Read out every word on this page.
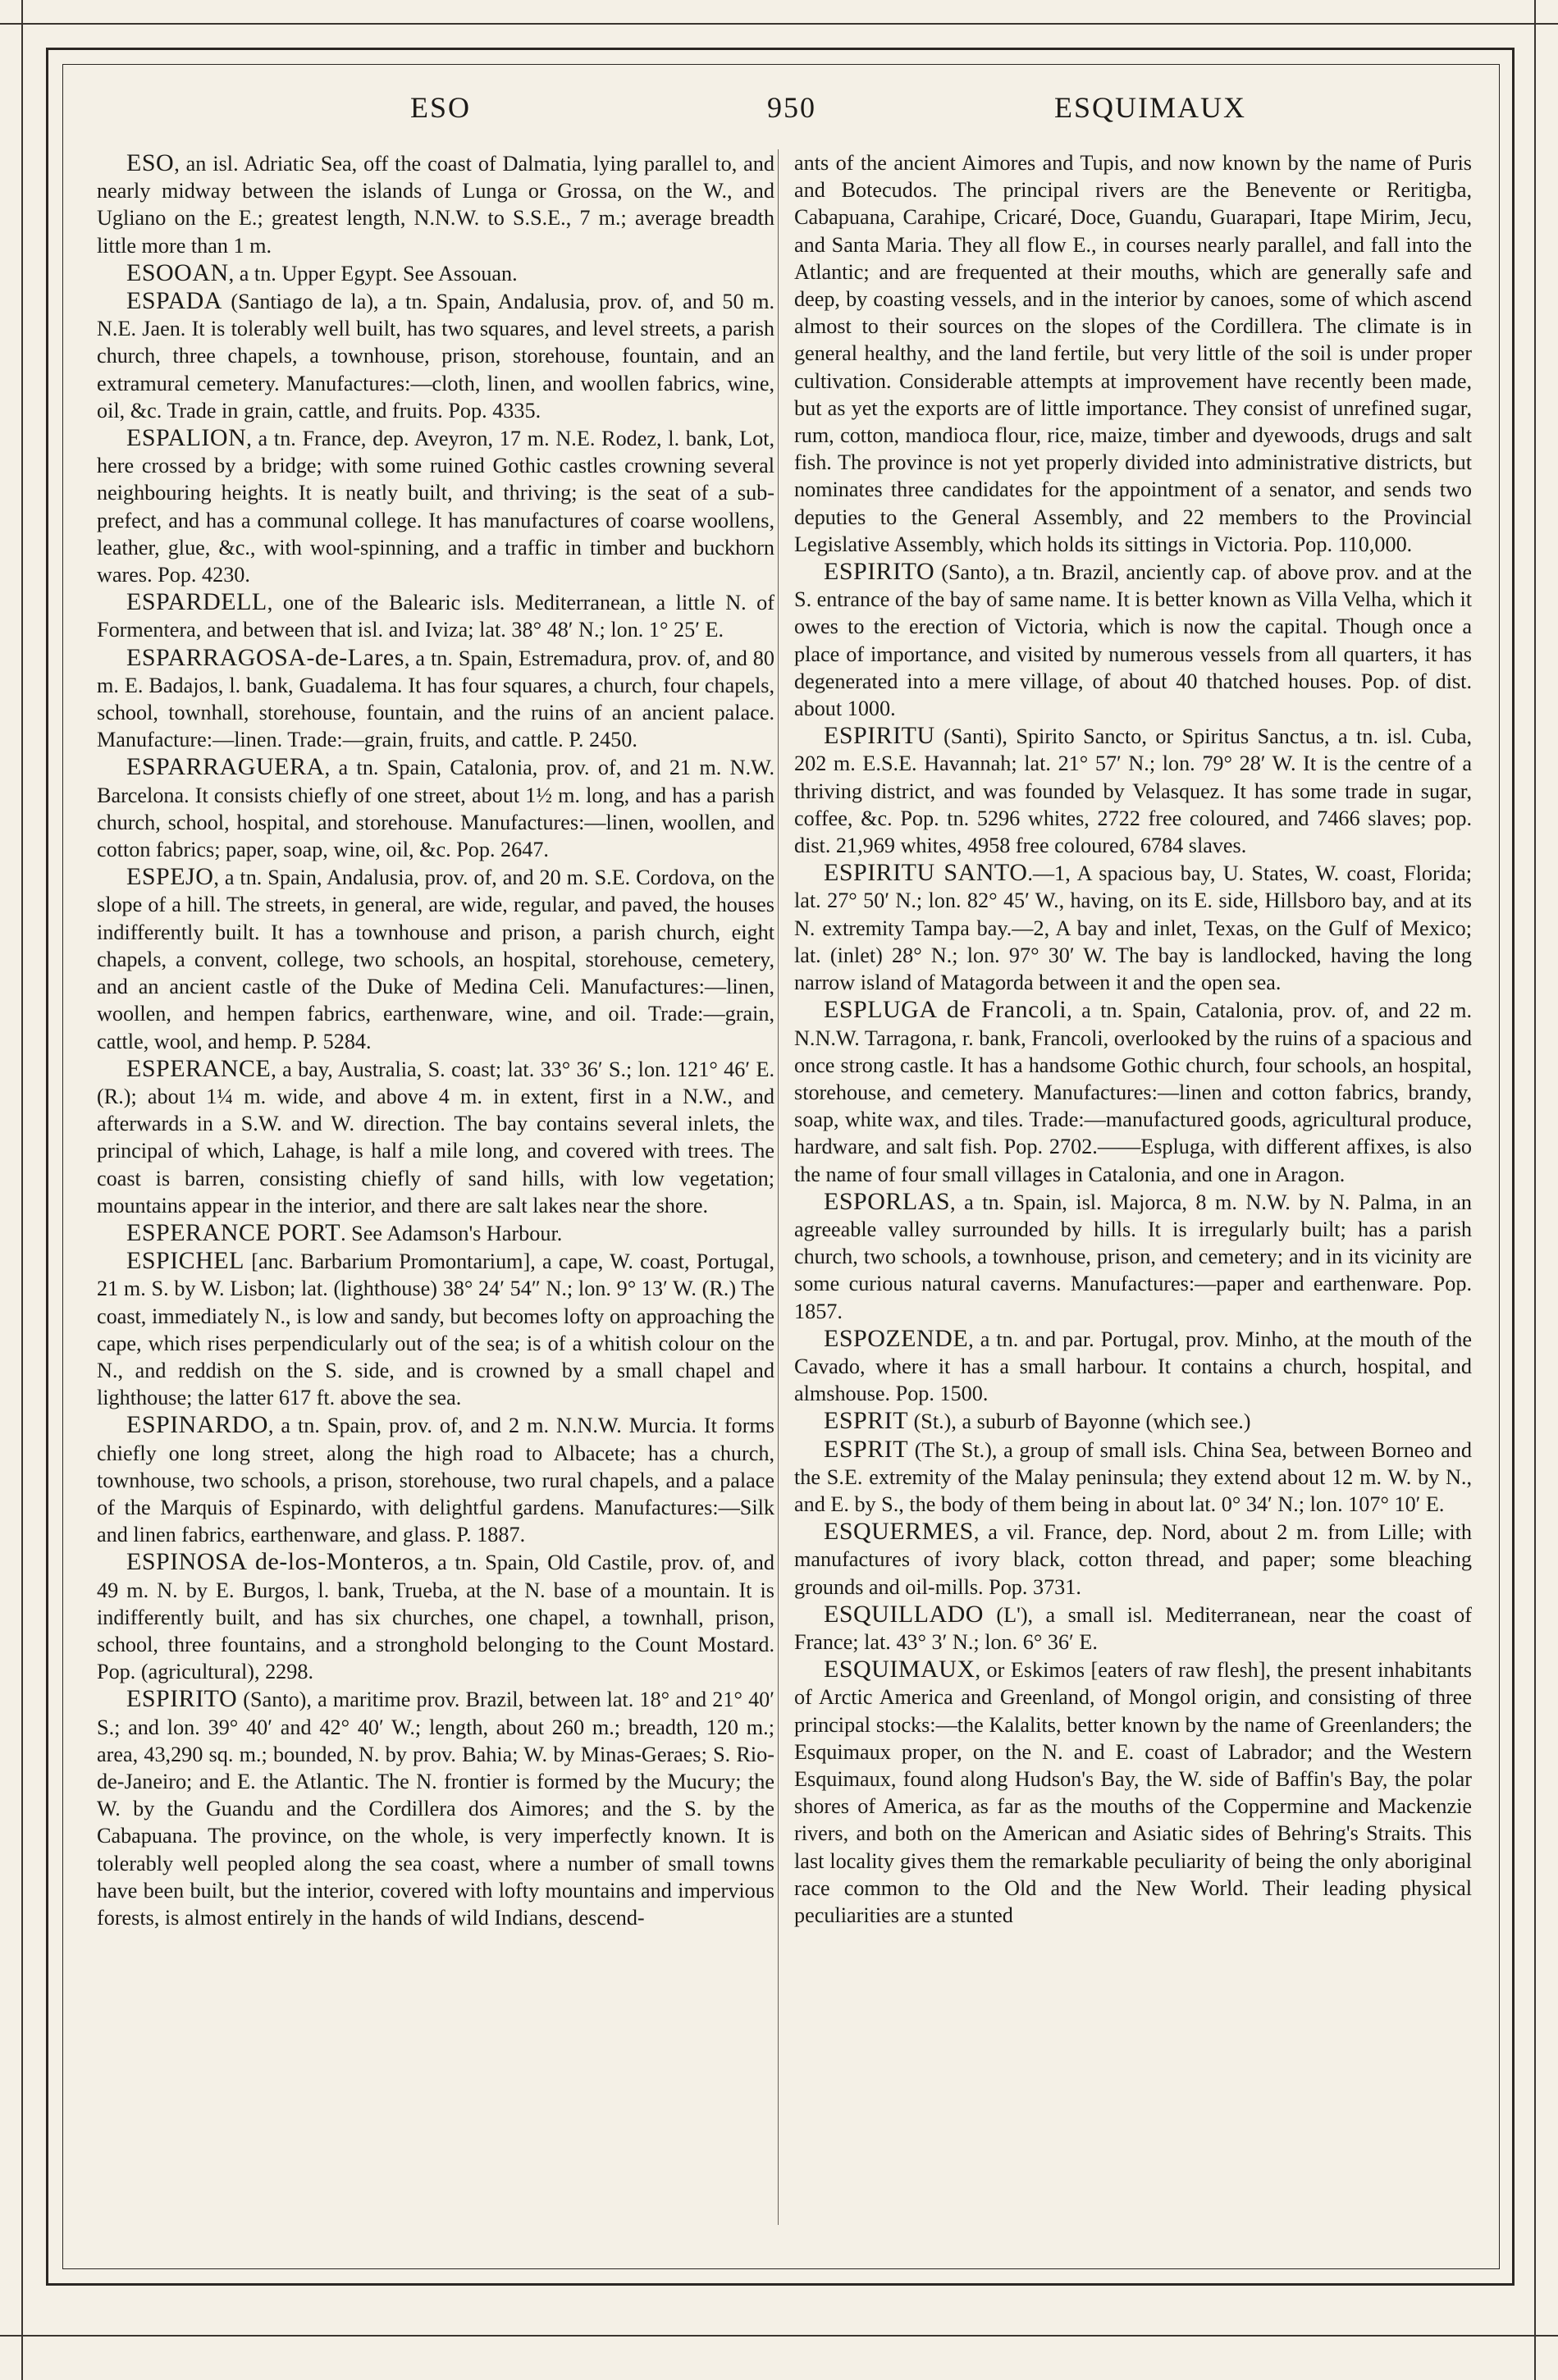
ESO	950	ESQUIMAUX

ESO, an isl. Adriatic Sea, off the coast of Dalmatia, lying parallel to, and nearly midway between the islands of Lunga or Grossa, on the W., and Ugliano on the E.; greatest length, N.N.W. to S.S.E., 7 m.; average breadth little more than 1 m.

ESOOAN, a tn. Upper Egypt. See Assouan.

ESPADA (Santiago de la), a tn. Spain, Andalusia, prov. of, and 50 m. N.E. Jaen. It is tolerably well built, has two squares, and level streets, a parish church, three chapels, a townhouse, prison, storehouse, fountain, and an extramural cemetery. Manufactures:—cloth, linen, and woollen fabrics, wine, oil, &c. Trade in grain, cattle, and fruits. Pop. 4335.

ESPALION, a tn. France, dep. Aveyron, 17 m. N.E. Rodez, l. bank, Lot, here crossed by a bridge; with some ruined Gothic castles crowning several neighbouring heights. It is neatly built, and thriving; is the seat of a sub-prefect, and has a communal college. It has manufactures of coarse woollens, leather, glue, &c., with wool-spinning, and a traffic in timber and buckhorn wares. Pop. 4230.

ESPARDELL, one of the Balearic isls. Mediterranean, a little N. of Formentera, and between that isl. and Iviza; lat. 38° 48′ N.; lon. 1° 25′ E.

ESPARRAGOSA-de-Lares, a tn. Spain, Estremadura, prov. of, and 80 m. E. Badajos, l. bank, Guadalema. It has four squares, a church, four chapels, school, townhall, storehouse, fountain, and the ruins of an ancient palace. Manufacture:—linen. Trade:—grain, fruits, and cattle. P. 2450.

ESPARRAGUERA, a tn. Spain, Catalonia, prov. of, and 21 m. N.W. Barcelona. It consists chiefly of one street, about 1½ m. long, and has a parish church, school, hospital, and storehouse. Manufactures:—linen, woollen, and cotton fabrics; paper, soap, wine, oil, &c. Pop. 2647.

ESPEJO, a tn. Spain, Andalusia, prov. of, and 20 m. S.E. Cordova, on the slope of a hill. The streets, in general, are wide, regular, and paved, the houses indifferently built. It has a townhouse and prison, a parish church, eight chapels, a convent, college, two schools, an hospital, storehouse, cemetery, and an ancient castle of the Duke of Medina Celi. Manufactures:—linen, woollen, and hempen fabrics, earthenware, wine, and oil. Trade:—grain, cattle, wool, and hemp. P. 5284.

ESPERANCE, a bay, Australia, S. coast; lat. 33° 36′ S.; lon. 121° 46′ E. (R.); about 1¼ m. wide, and above 4 m. in extent, first in a N.W., and afterwards in a S.W. and W. direction. The bay contains several inlets, the principal of which, Lahage, is half a mile long, and covered with trees. The coast is barren, consisting chiefly of sand hills, with low vegetation; mountains appear in the interior, and there are salt lakes near the shore.

ESPERANCE PORT. See Adamson's Harbour.

ESPICHEL [anc. Barbarium Promontarium], a cape, W. coast, Portugal, 21 m. S. by W. Lisbon; lat. (lighthouse) 38° 24′ 54″ N.; lon. 9° 13′ W. (R.) The coast, immediately N., is low and sandy, but becomes lofty on approaching the cape, which rises perpendicularly out of the sea; is of a whitish colour on the N., and reddish on the S. side, and is crowned by a small chapel and lighthouse; the latter 617 ft. above the sea.

ESPINARDO, a tn. Spain, prov. of, and 2 m. N.N.W. Murcia. It forms chiefly one long street, along the high road to Albacete; has a church, townhouse, two schools, a prison, storehouse, two rural chapels, and a palace of the Marquis of Espinardo, with delightful gardens. Manufactures:—Silk and linen fabrics, earthenware, and glass. P. 1887.

ESPINOSA de-los-Monteros, a tn. Spain, Old Castile, prov. of, and 49 m. N. by E. Burgos, l. bank, Trueba, at the N. base of a mountain. It is indifferently built, and has six churches, one chapel, a townhall, prison, school, three fountains, and a stronghold belonging to the Count Mostard. Pop. (agricultural), 2298.

ESPIRITO (Santo), a maritime prov. Brazil, between lat. 18° and 21° 40′ S.; and lon. 39° 40′ and 42° 40′ W.; length, about 260 m.; breadth, 120 m.; area, 43,290 sq. m.; bounded, N. by prov. Bahia; W. by Minas-Geraes; S. Rio-de-Janeiro; and E. the Atlantic. The N. frontier is formed by the Mucury; the W. by the Guandu and the Cordillera dos Aimores; and the S. by the Cabapuana. The province, on the whole, is very imperfectly known. It is tolerably well peopled along the sea coast, where a number of small towns have been built, but the interior, covered with lofty mountains and impervious forests, is almost entirely in the hands of wild Indians, descend-

ants of the ancient Aimores and Tupis, and now known by the name of Puris and Botecudos. The principal rivers are the Benevente or Reritigba, Cabapuana, Carahipe, Cricaré, Doce, Guandu, Guarapari, Itape Mirim, Jecu, and Santa Maria. They all flow E., in courses nearly parallel, and fall into the Atlantic; and are frequented at their mouths, which are generally safe and deep, by coasting vessels, and in the interior by canoes, some of which ascend almost to their sources on the slopes of the Cordillera. The climate is in general healthy, and the land fertile, but very little of the soil is under proper cultivation. Considerable attempts at improvement have recently been made, but as yet the exports are of little importance. They consist of unrefined sugar, rum, cotton, mandioca flour, rice, maize, timber and dyewoods, drugs and salt fish. The province is not yet properly divided into administrative districts, but nominates three candidates for the appointment of a senator, and sends two deputies to the General Assembly, and 22 members to the Provincial Legislative Assembly, which holds its sittings in Victoria. Pop. 110,000.

ESPIRITO (Santo), a tn. Brazil, anciently cap. of above prov. and at the S. entrance of the bay of same name. It is better known as Villa Velha, which it owes to the erection of Victoria, which is now the capital. Though once a place of importance, and visited by numerous vessels from all quarters, it has degenerated into a mere village, of about 40 thatched houses. Pop. of dist. about 1000.

ESPIRITU (Santi), Spirito Sancto, or Spiritus Sanctus, a tn. isl. Cuba, 202 m. E.S.E. Havannah; lat. 21° 57′ N.; lon. 79° 28′ W. It is the centre of a thriving district, and was founded by Velasquez. It has some trade in sugar, coffee, &c. Pop. tn. 5296 whites, 2722 free coloured, and 7466 slaves; pop. dist. 21,969 whites, 4958 free coloured, 6784 slaves.

ESPIRITU SANTO.—1, A spacious bay, U. States, W. coast, Florida; lat. 27° 50′ N.; lon. 82° 45′ W., having, on its E. side, Hillsboro bay, and at its N. extremity Tampa bay.—2, A bay and inlet, Texas, on the Gulf of Mexico; lat. (inlet) 28° N.; lon. 97° 30′ W. The bay is landlocked, having the long narrow island of Matagorda between it and the open sea.

ESPLUGA de Francoli, a tn. Spain, Catalonia, prov. of, and 22 m. N.N.W. Tarragona, r. bank, Francoli, overlooked by the ruins of a spacious and once strong castle. It has a handsome Gothic church, four schools, an hospital, storehouse, and cemetery. Manufactures:—linen and cotton fabrics, brandy, soap, white wax, and tiles. Trade:—manufactured goods, agricultural produce, hardware, and salt fish. Pop. 2702.——Espluga, with different affixes, is also the name of four small villages in Catalonia, and one in Aragon.

ESPORLAS, a tn. Spain, isl. Majorca, 8 m. N.W. by N. Palma, in an agreeable valley surrounded by hills. It is irregularly built; has a parish church, two schools, a townhouse, prison, and cemetery; and in its vicinity are some curious natural caverns. Manufactures:—paper and earthenware. Pop. 1857.

ESPOZENDE, a tn. and par. Portugal, prov. Minho, at the mouth of the Cavado, where it has a small harbour. It contains a church, hospital, and almshouse. Pop. 1500.

ESPRIT (St.), a suburb of Bayonne (which see.)

ESPRIT (The St.), a group of small isls. China Sea, between Borneo and the S.E. extremity of the Malay peninsula; they extend about 12 m. W. by N., and E. by S., the body of them being in about lat. 0° 34′ N.; lon. 107° 10′ E.

ESQUERMES, a vil. France, dep. Nord, about 2 m. from Lille; with manufactures of ivory black, cotton thread, and paper; some bleaching grounds and oil-mills. Pop. 3731.

ESQUILLADO (L'), a small isl. Mediterranean, near the coast of France; lat. 43° 3′ N.; lon. 6° 36′ E.

ESQUIMAUX, or Eskimos [eaters of raw flesh], the present inhabitants of Arctic America and Greenland, of Mongol origin, and consisting of three principal stocks:—the Kalalits, better known by the name of Greenlanders; the Esquimaux proper, on the N. and E. coast of Labrador; and the Western Esquimaux, found along Hudson's Bay, the W. side of Baffin's Bay, the polar shores of America, as far as the mouths of the Coppermine and Mackenzie rivers, and both on the American and Asiatic sides of Behring's Straits. This last locality gives them the remarkable peculiarity of being the only aboriginal race common to the Old and the New World. Their leading physical peculiarities are a stunted
